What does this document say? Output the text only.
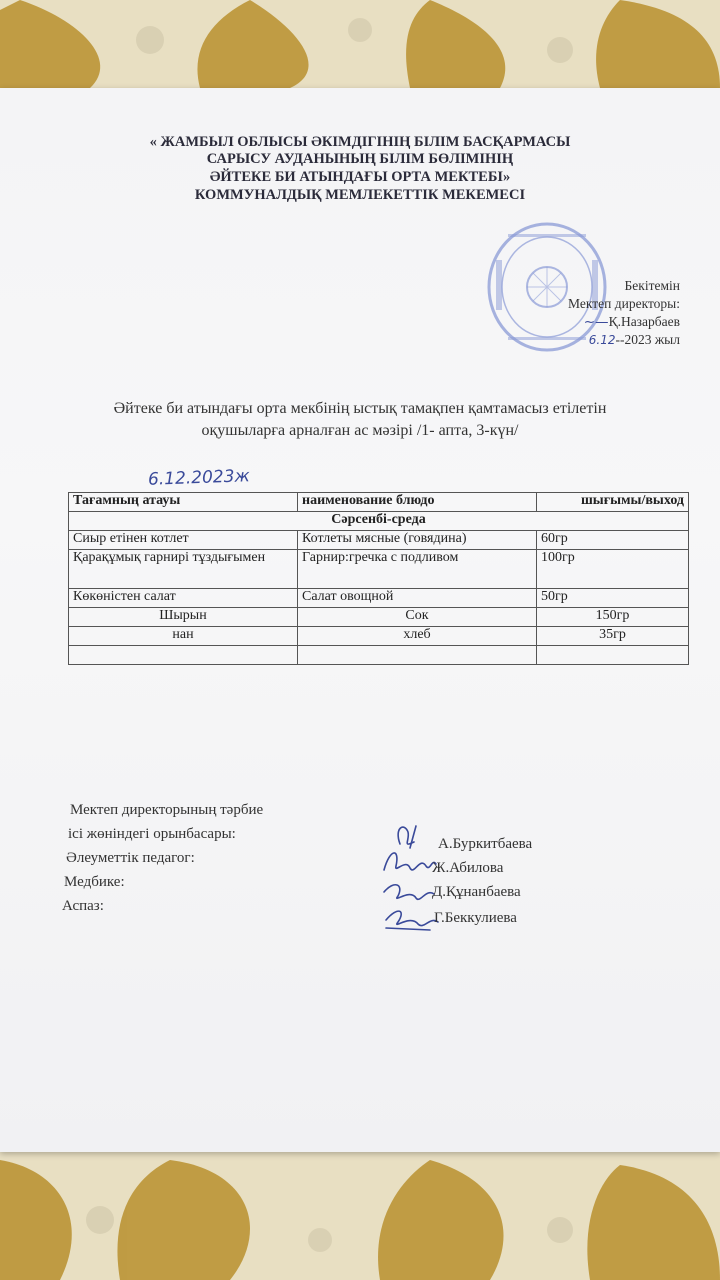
« ЖАМБЫЛ ОБЛЫСЫ ӘКІМДІГІНІҢ БІЛІМ БАСҚАРМАСЫ
САРЫСУ АУДАНЫНЫҢ БІЛІМ БӨЛІМІНІҢ
ӘЙТЕКЕ БИ АТЫНДАҒЫ ОРТА МЕКТЕБІ»
КОММУНАЛДЫҚ МЕМЛЕКЕТТІК МЕКЕМЕСІ
Бекітемін
Мектеп директоры:
~—Қ.Назарбаев
6.12--2023 жыл
Әйтеке би атындағы орта мекбінің ыстық тамақпен қамтамасыз етілетін
оқушыларға арналған ас мәзірі /1- апта, 3-күн/
6.12.2023ж
Тағамның атауы	наименование блюдо	шығымы/выход
Сәрсенбі-среда		
Сиыр етінен котлет	Котлеты мясные (говядина)	60гр
Қарақұмық гарнирі тұздығымен	Гарнир:гречка с подливом	100гр
Көкөністен салат	Салат овощной	50гр
Шырын	Сок	150гр
нан	хлеб	35гр

Мектеп директорының тәрбие
ісі жөніндегі орынбасары:
Әлеуметтік педагог:
Медбике:
Аспаз:
А.Буркитбаева
Ж.Абилова
Д.Құнанбаева
Г.Беккулиева
